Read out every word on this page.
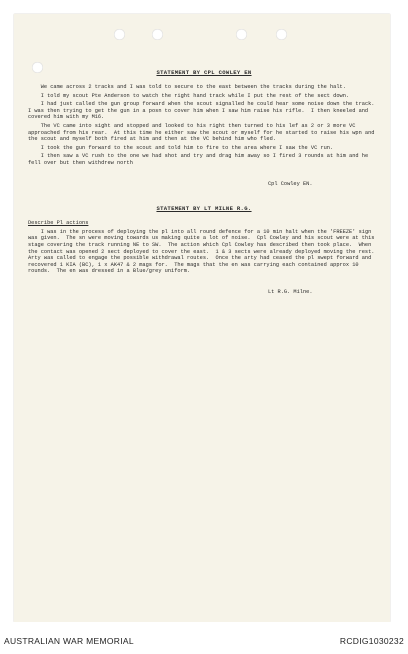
STATEMENT BY CPL COWLEY EN
We came across 2 tracks and I was told to secure to the east between the tracks during the halt.
I told my scout Pte Anderson to watch the right hand track while I put the rest of the sect down.
I had just called the gun group forward when the scout signalled he could hear some noise down the track.  I was then trying to get the gun in a posn to cover him when I saw him raise his rifle.  I then kneeled and covered him with my M16.
The VC came into sight and stopped and looked to his right then turned to his lef as 2 or 3 more VC approached from his rear.  At this time he either saw the scout or myself for he started to raise his wpn and the scout and myself both fired at him and then at the VC behind him who fled.
I took the gun forward to the scout and told him to fire to the area where I saw the VC run.
I then saw a VC rush to the one we had shot and try and drag him away so I fired 3 rounds at him and he fell over but then withdrew north
Cpl Cowley EN.
STATEMENT BY LT MILNE R.G.
Describe Pl actions
I was in the process of deploying the pl into all round defence for a 10 min halt when the 'FREEZE' sign was given.  The sn were moving towards us making quite a lot of noise.  Cpl Cowley and his scout were at this stage covering the track running NE to SW.  The action which Cpl Cowley has described then took place.  When the contact was opened 2 sect deployed to cover the east.  1 & 3 sects were already deployed moving the rest.  Arty was called to engage the possible withdrawal routes.  Once the arty had ceased the pl swept forward and recovered 1 KIA (BC), 1 x AK47 & 2 mags for.  The mags that the en was carrying each contained approx 10 rounds.  The en was dressed in a Blue/grey uniform.
Lt R.G. Milne.
AUSTRALIAN WAR MEMORIAL	RCDIG1030232
